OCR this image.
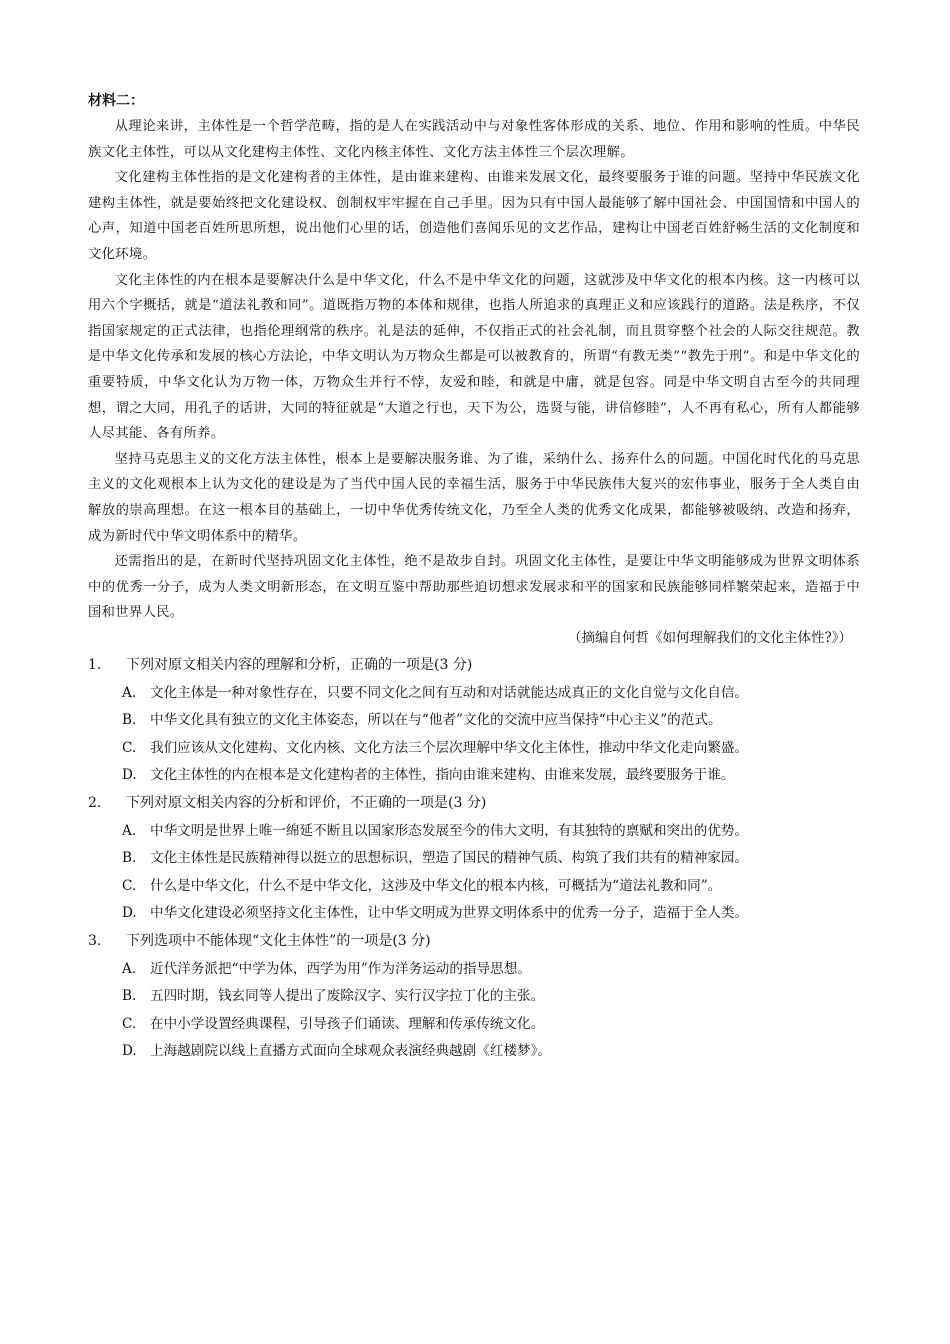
材料二：

从理论来讲，主体性是一个哲学范畴，指的是人在实践活动中与对象性客体形成的关系、地位、作用和影响的性质。中华民族文化主体性，可以从文化建构主体性、文化内核主体性、文化方法主体性三个层次理解。

文化建构主体性指的是文化建构者的主体性，是由谁来建构、由谁来发展文化，最终要服务于谁的问题。坚持中华民族文化建构主体性，就是要始终把文化建设权、创制权牢牢握在自己手里。因为只有中国人最能够了解中国社会、中国国情和中国人的心声，知道中国老百姓所思所想，说出他们心里的话，创造他们喜闻乐见的文艺作品，建构让中国老百姓舒畅生活的文化制度和文化环境。

文化主体性的内在根本是要解决什么是中华文化，什么不是中华文化的问题，这就涉及中华文化的根本内核。这一内核可以用六个字概括，就是“道法礼教和同”。道既指万物的本体和规律，也指人所追求的真理正义和应该践行的道路。法是秩序，不仅指国家规定的正式法律，也指伦理纲常的秩序。礼是法的延伸，不仅指正式的社会礼制，而且贯穿整个社会的人际交往规范。教是中华文化传承和发展的核心方法论，中华文明认为万物众生都是可以被教育的，所谓“有教无类”“教先于刑”。和是中华文化的重要特质，中华文化认为万物一体，万物众生并行不悖，友爱和睦，和就是中庸，就是包容。同是中华文明自古至今的共同理想，谓之大同，用孔子的话讲，大同的特征就是“大道之行也，天下为公，选贤与能，讲信修睦”，人不再有私心，所有人都能够人尽其能、各有所养。

坚持马克思主义的文化方法主体性，根本上是要解决服务谁、为了谁，采纳什么、扬弃什么的问题。中国化时代化的马克思主义的文化观根本上认为文化的建设是为了当代中国人民的幸福生活，服务于中华民族伟大复兴的宏伟事业，服务于全人类自由解放的崇高理想。在这一根本目的基础上，一切中华优秀传统文化，乃至全人类的优秀文化成果，都能够被吸纳、改造和扬弃，成为新时代中华文明体系中的精华。

还需指出的是，在新时代坚持巩固文化主体性，绝不是故步自封。巩固文化主体性，是要让中华文明能够成为世界文明体系中的优秀一分子，成为人类文明新形态，在文明互鉴中帮助那些迫切想求发展求和平的国家和民族能够同样繁荣起来，造福于中国和世界人民。

（摘编自何哲《如何理解我们的文化主体性?》）
1.	下列对原文相关内容的理解和分析，正确的一项是(3 分)
A.	文化主体是一种对象性存在，只要不同文化之间有互动和对话就能达成真正的文化自觉与文化自信。
B.	中华文化具有独立的文化主体姿态，所以在与“他者”文化的交流中应当保持“中心主义”的范式。
C.	我们应该从文化建构、文化内核、文化方法三个层次理解中华文化主体性，推动中华文化走向繁盛。
D. 文化主体性的内在根本是文化建构者的主体性，指向由谁来建构、由谁来发展，最终要服务于谁。
2.	下列对原文相关内容的分析和评价，不正确的一项是(3 分)
A.	中华文明是世界上唯一绵延不断且以国家形态发展至今的伟大文明，有其独特的禀赋和突出的优势。
B.	文化主体性是民族精神得以挺立的思想标识，塑造了国民的精神气质、构筑了我们共有的精神家园。
C.	什么是中华文化，什么不是中华文化，这涉及中华文化的根本内核，可概括为“道法礼教和同”。
D. 中华文化建设必须坚持文化主体性，让中华文明成为世界文明体系中的优秀一分子，造福于全人类。
3.	下列选项中不能体现“文化主体性”的一项是(3 分)
A.	近代洋务派把“中学为体，西学为用”作为洋务运动的指导思想。
B.	五四时期，钱玄同等人提出了废除汉字、实行汉字拉丁化的主张。
C.	在中小学设置经典课程，引导孩子们诵读、理解和传承传统文化。
D. 上海越剧院以线上直播方式面向全球观众表演经典越剧《红楼梦》。
